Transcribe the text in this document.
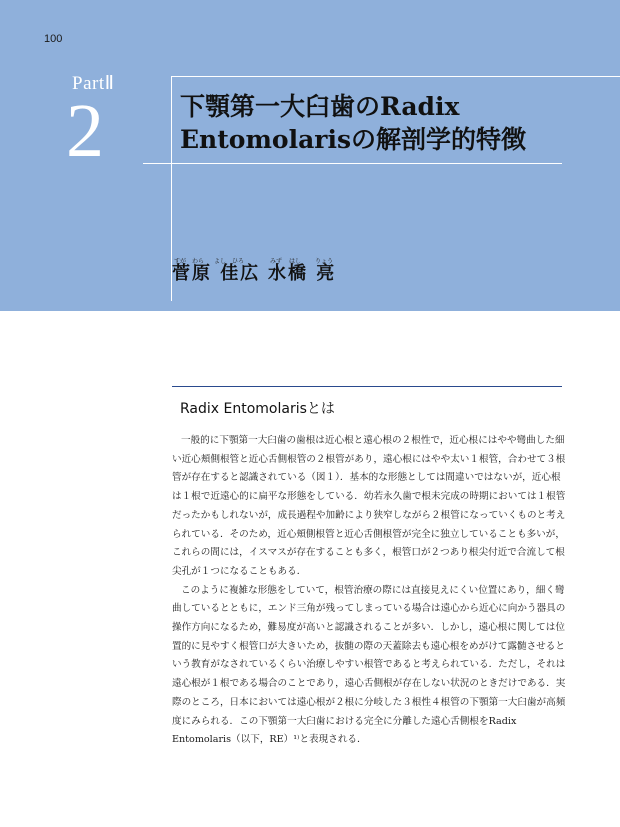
100
PartⅡ
2	下顎第一大臼歯のRadix
Entomolarisの解剖学的特徴
すが わら よし ひろ	みず はし りょう
菅原 佳広 水橋 亮
Radix Entomolarisとは

一般的に下顎第一大臼歯の歯根は近心根と遠心根の２根性で，近心根にはやや彎曲した細い近心頬側根管と近心舌側根管の２根管があり，遠心根にはやや太い１根管，合わせて３根管が存在すると認識されている（図１）．基本的な形態としては間違いではないが，近心根は１根で近遠心的に扁平な形態をしている．幼若永久歯で根未完成の時期においては１根管だったかもしれないが，成長過程や加齢により狭窄しながら２根管になっていくものと考えられている．そのため，近心頬側根管と近心舌側根管が完全に独立していることも多いが，これらの間には，イスマスが存在することも多く，根管口が２つあり根尖付近で合流して根尖孔が１つになることもある．

このように複雑な形態をしていて，根管治療の際には直接見えにくい位置にあり，細く彎曲しているとともに，エンド三角が残ってしまっている場合は遠心から近心に向かう器具の操作方向になるため，難易度が高いと認識されることが多い．しかし，遠心根に関しては位置的に見やすく根管口が大きいため，抜髄の際の天蓋除去も遠心根をめがけて露髄させるという教育がなされているくらい治療しやすい根管であると考えられている．ただし，それは遠心根が１根である場合のことであり，遠心舌側根が存在しない状況のときだけである．実際のところ，日本においては遠心根が２根に分岐した３根性４根管の下顎第一大臼歯が高頻度にみられる．この下顎第一大臼歯における完全に分離した遠心舌側根をRadix Entomolaris（以下，RE）¹⁾と表現される．
